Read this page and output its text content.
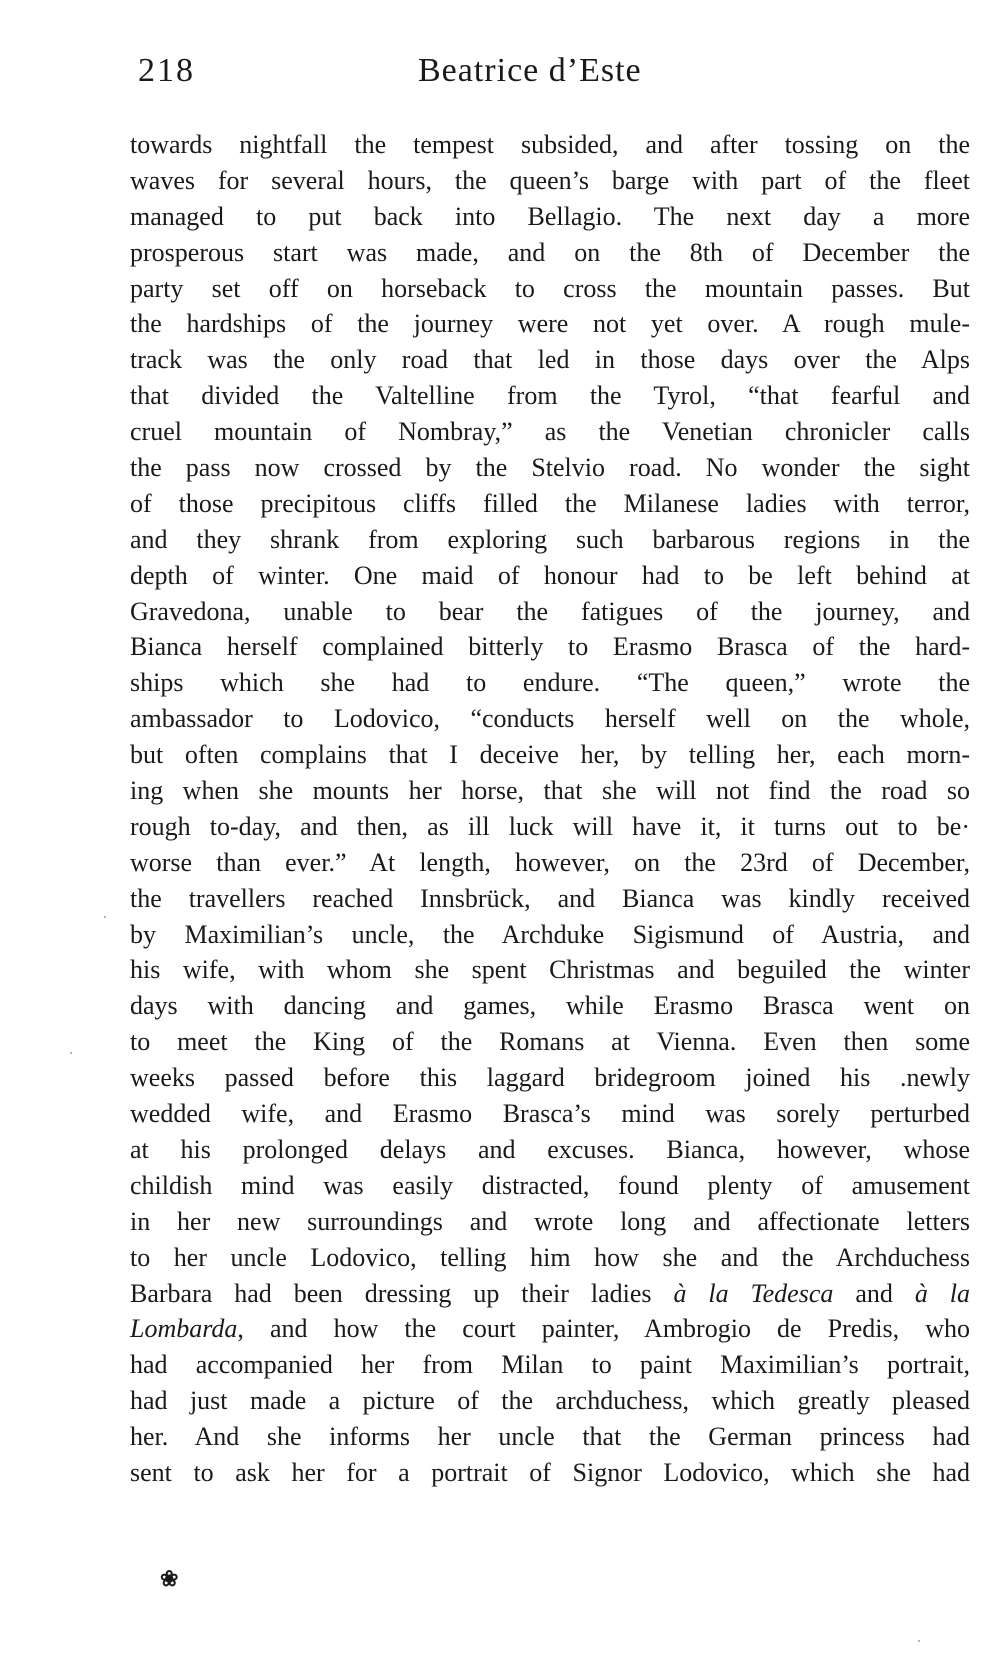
218	Beatrice d’Este
towards nightfall the tempest subsided, and after tossing on the
waves for several hours, the queen’s barge with part of the fleet
managed to put back into Bellagio. The next day a more
prosperous start was made, and on the 8th of December the
party set off on horseback to cross the mountain passes. But
the hardships of the journey were not yet over. A rough mule-
track was the only road that led in those days over the Alps
that divided the Valtelline from the Tyrol, “that fearful and
cruel mountain of Nombray,” as the Venetian chronicler calls
the pass now crossed by the Stelvio road. No wonder the sight
of those precipitous cliffs filled the Milanese ladies with terror,
and they shrank from exploring such barbarous regions in the
depth of winter. One maid of honour had to be left behind at
Gravedona, unable to bear the fatigues of the journey, and
Bianca herself complained bitterly to Erasmo Brasca of the hard-
ships which she had to endure. “The queen,” wrote the
ambassador to Lodovico, “conducts herself well on the whole,
but often complains that I deceive her, by telling her, each morn-
ing when she mounts her horse, that she will not find the road so
rough to-day, and then, as ill luck will have it, it turns out to be·
worse than ever.” At length, however, on the 23rd of December,
the travellers reached Innsbrück, and Bianca was kindly received
by Maximilian’s uncle, the Archduke Sigismund of Austria, and
his wife, with whom she spent Christmas and beguiled the winter
days with dancing and games, while Erasmo Brasca went on
to meet the King of the Romans at Vienna. Even then some
weeks passed before this laggard bridegroom joined his .newly
wedded wife, and Erasmo Brasca’s mind was sorely perturbed
at his prolonged delays and excuses. Bianca, however, whose
childish mind was easily distracted, found plenty of amusement
in her new surroundings and wrote long and affectionate letters
to her uncle Lodovico, telling him how she and the Archduchess
Barbara had been dressing up their ladies à la Tedesca and à la
Lombarda, and how the court painter, Ambrogio de Predis, who
had accompanied her from Milan to paint Maximilian’s portrait,
had just made a picture of the archduchess, which greatly pleased
her. And she informs her uncle that the German princess had
sent to ask her for a portrait of Signor Lodovico, which she had
❀
